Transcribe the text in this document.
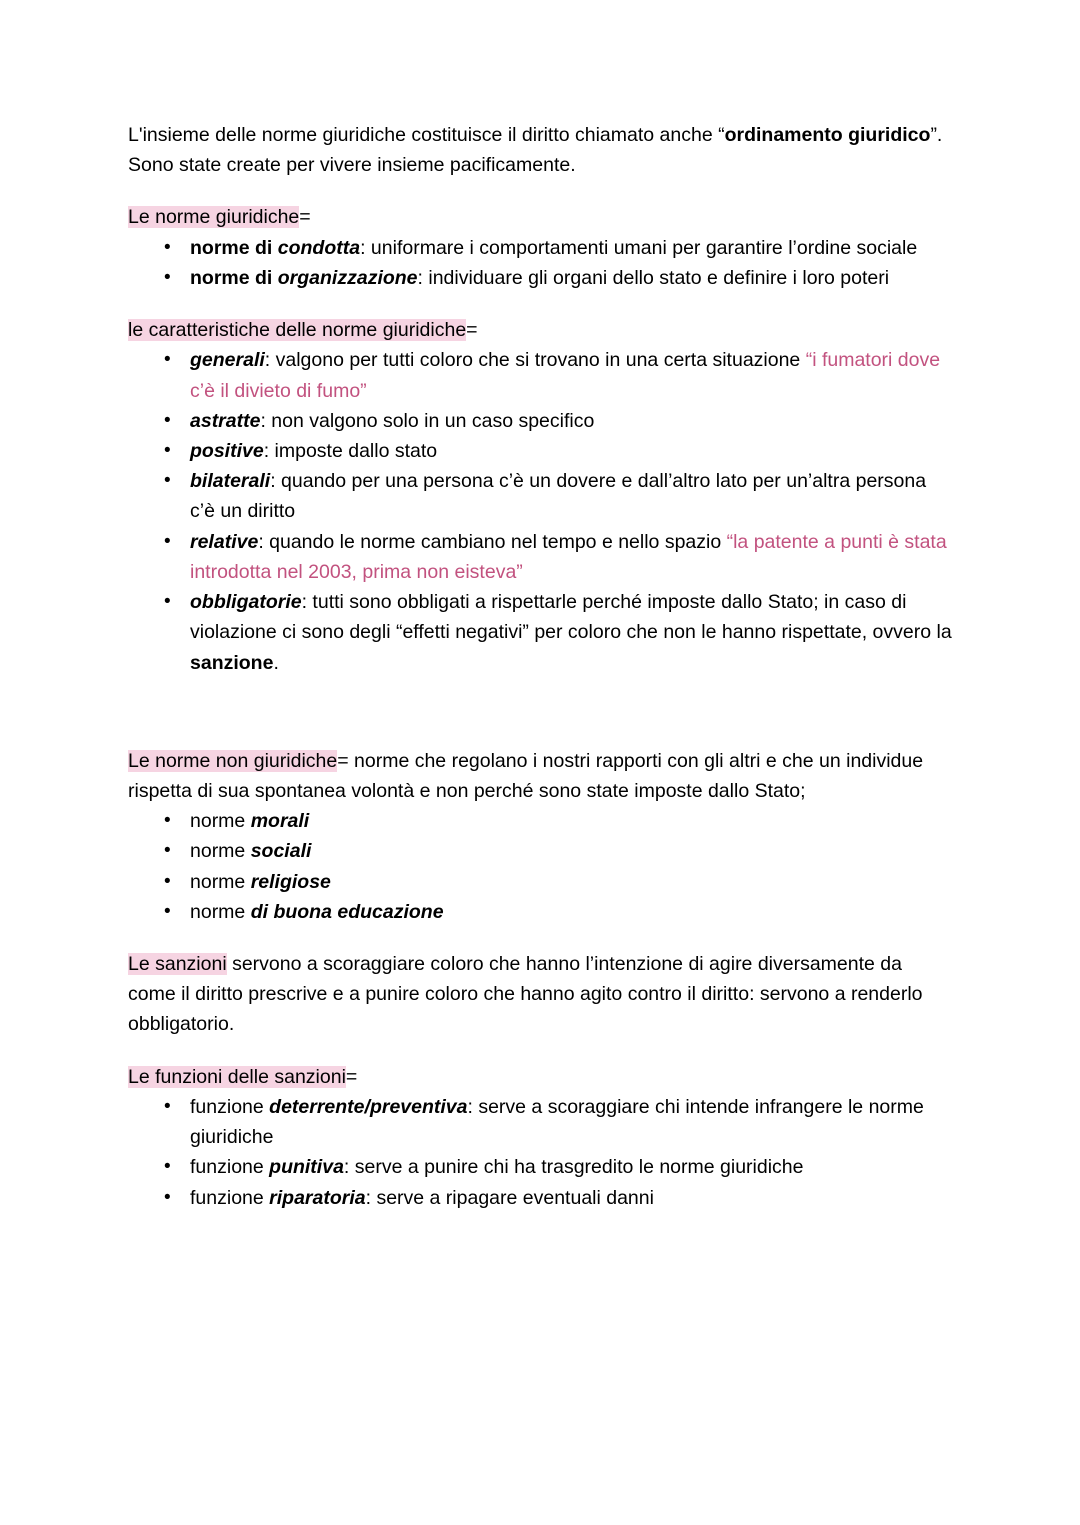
L'insieme delle norme giuridiche costituisce il diritto chiamato anche “ordinamento giuridico”. Sono state create per vivere insieme pacificamente.

Le norme giuridiche=

• norme di condotta: uniformare i comportamenti umani per garantire l’ordine sociale
• norme di organizzazione: individuare gli organi dello stato e definire i loro poteri

le caratteristiche delle norme giuridiche=

• generali: valgono per tutti coloro che si trovano in una certa situazione “i fumatori dove c’è il divieto di fumo”
• astratte: non valgono solo in un caso specifico
• positive: imposte dallo stato
• bilaterali: quando per una persona c’è un dovere e dall’altro lato per un’altra persona c’è un diritto
• relative: quando le norme cambiano nel tempo e nello spazio “la patente a punti è stata introdotta nel 2003, prima non eisteva”
• obbligatorie: tutti sono obbligati a rispettarle perché imposte dallo Stato; in caso di violazione ci sono degli “effetti negativi” per coloro che non le hanno rispettate, ovvero la sanzione.

Le norme non giuridiche= norme che regolano i nostri rapporti con gli altri e che un individue rispetta di sua spontanea volontà e non perché sono state imposte dallo Stato;

• norme morali
• norme sociali
• norme religiose
• norme di buona educazione

Le sanzioni servono a scoraggiare coloro che hanno l’intenzione di agire diversamente da come il diritto prescrive e a punire coloro che hanno agito contro il diritto: servono a renderlo obbligatorio.

Le funzioni delle sanzioni=

• funzione deterrente/preventiva: serve a scoraggiare chi intende infrangere le norme giuridiche
• funzione punitiva: serve a punire chi ha trasgredito le norme giuridiche
• funzione riparatoria: serve a ripagare eventuali danni
